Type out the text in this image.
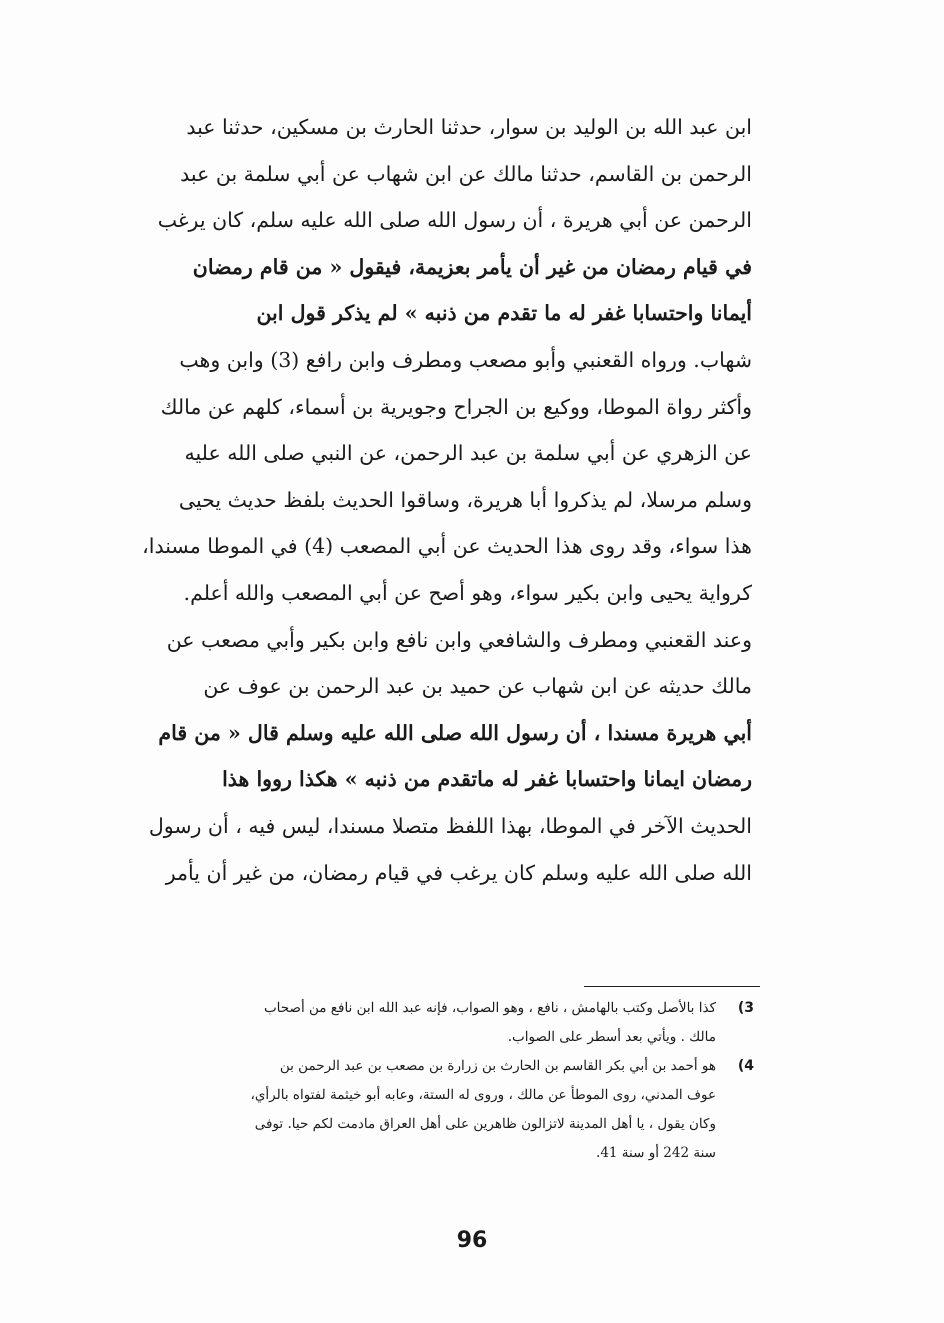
ابن عبد الله بن الوليد بن سوار، حدثنا الحارث بن مسكين، حدثنا عبد
الرحمن بن القاسم، حدثنا مالك عن ابن شهاب عن أبي سلمة بن عبد
الرحمن عن أبي هريرة ، أن رسول الله صلى الله عليه سلم، كان يرغب
في قيام رمضان من غير أن يأمر بعزيمة، فيقول « من قام رمضان
أيمانا واحتسابا غفر له ما تقدم من ذنبه » لم يذكر قول ابن
شهاب. ورواه القعنبي وأبو مصعب ومطرف وابن رافع (3) وابن وهب
وأكثر رواة الموطا، ووكيع بن الجراح وجويرية بن أسماء، كلهم عن مالك
عن الزهري عن أبي سلمة بن عبد الرحمن، عن النبي صلى الله عليه
وسلم مرسلا، لم يذكروا أبا هريرة، وساقوا الحديث بلفظ حديث يحيى
هذا سواء، وقد روى هذا الحديث عن أبي المصعب (4) في الموطا مسندا،
كرواية يحيى وابن بكير سواء، وهو أصح عن أبي المصعب والله أعلم.
وعند القعنبي ومطرف والشافعي وابن نافع وابن بكير وأبي مصعب عن
مالك حديثه عن ابن شهاب عن حميد بن عبد الرحمن بن عوف عن
أبي هريرة مسندا ، أن رسول الله صلى الله عليه وسلم قال « من قام
رمضان ايمانا واحتسابا غفر له ماتقدم من ذنبه » هكذا رووا هذا
الحديث الآخر في الموطا، بهذا اللفظ متصلا مسندا، ليس فيه ، أن رسول
الله صلى الله عليه وسلم كان يرغب في قيام رمضان، من غير أن يأمر
3)
كذا بالأصل وكتب بالهامش ، نافع ، وهو الصواب، فإنه عبد الله ابن نافع من أصحاب
مالك . ويأتي بعد أسطر على الصواب.
4)
هو أحمد بن أبي بكر القاسم بن الحارث بن زرارة بن مصعب بن عبد الرحمن بن
عوف المدني، روى الموطأ عن مالك ، وروى له الستة، وعابه أبو خيثمة لفتواه بالرأي،
وكان يقول ، يا أهل المدينة لاتزالون ظاهرين على أهل العراق مادمت لكم حيا. توفى
سنة 242 أو سنة 41.
96
